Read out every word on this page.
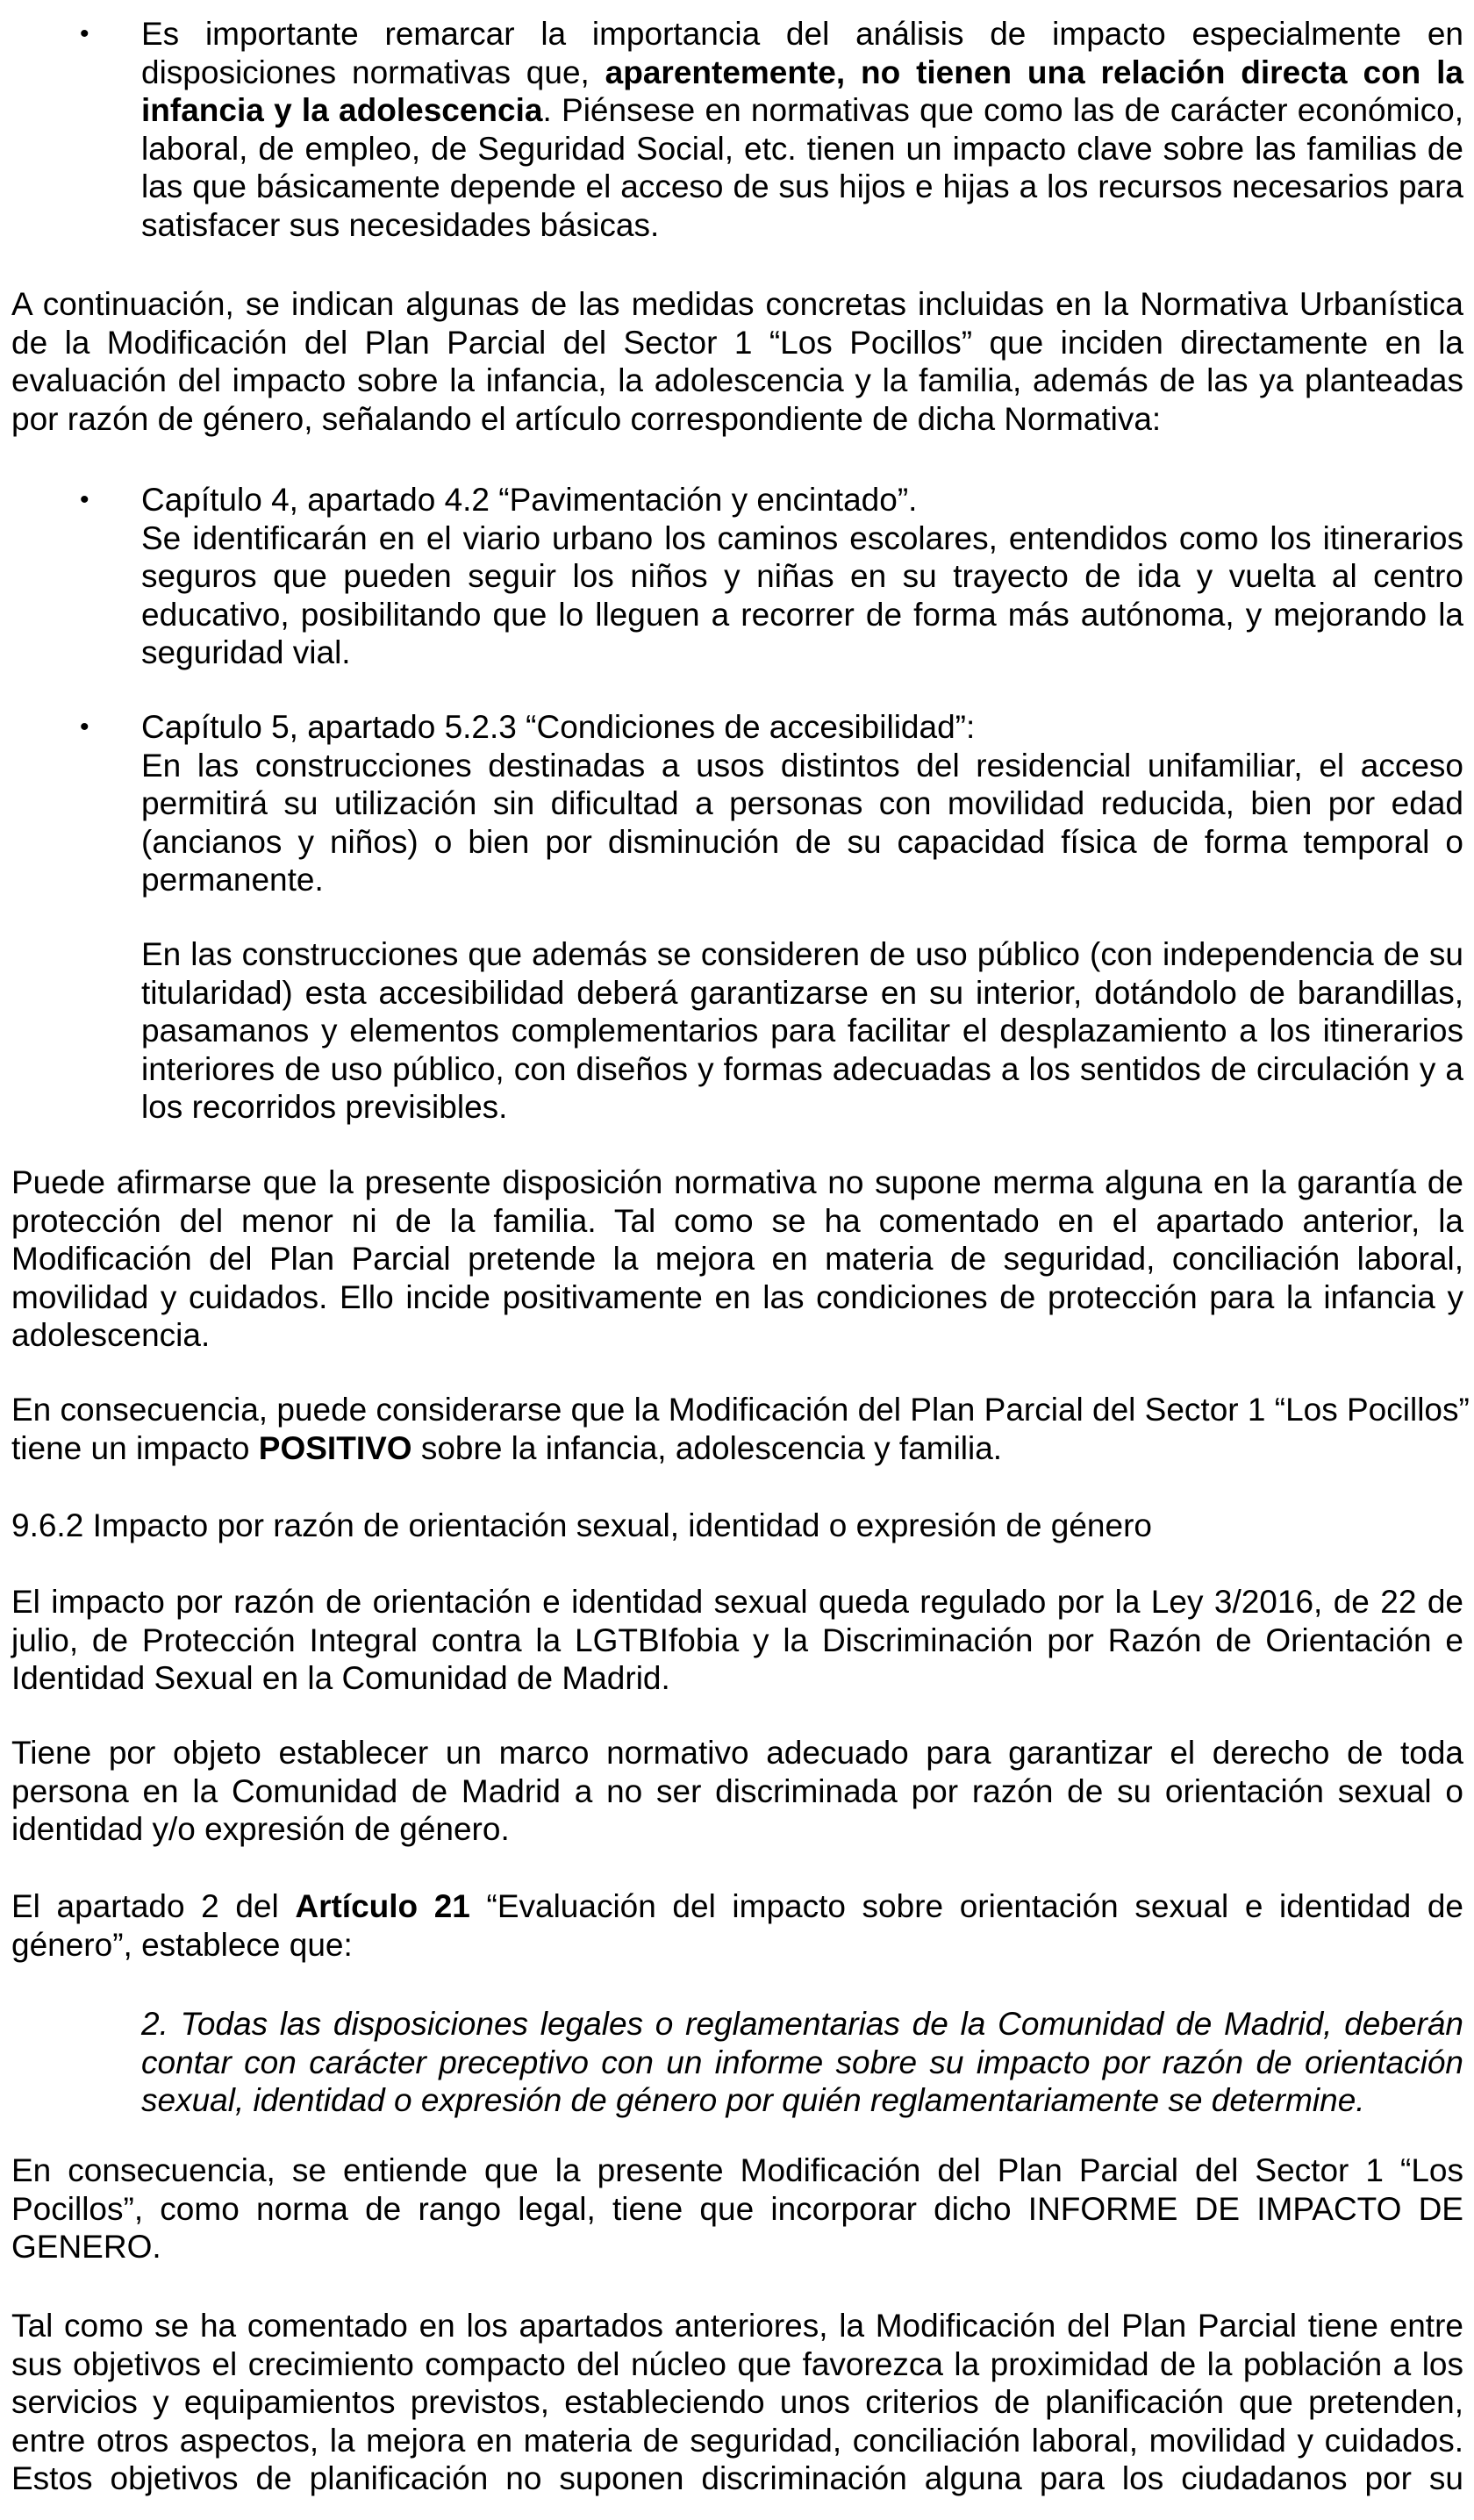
• Es importante remarcar la importancia del análisis de impacto especialmente en
disposiciones normativas que, aparentemente, no tienen una relación directa con la
infancia y la adolescencia. Piénsese en normativas que como las de carácter económico,
laboral, de empleo, de Seguridad Social, etc. tienen un impacto clave sobre las familias de
las que básicamente depende el acceso de sus hijos e hijas a los recursos necesarios para
satisfacer sus necesidades básicas.
A continuación, se indican algunas de las medidas concretas incluidas en la Normativa Urbanística
de la Modificación del Plan Parcial del Sector 1 “Los Pocillos” que inciden directamente en la
evaluación del impacto sobre la infancia, la adolescencia y la familia, además de las ya planteadas
por razón de género, señalando el artículo correspondiente de dicha Normativa:
• Capítulo 4, apartado 4.2 “Pavimentación y encintado”.
Se identificarán en el viario urbano los caminos escolares, entendidos como los itinerarios
seguros que pueden seguir los niños y niñas en su trayecto de ida y vuelta al centro
educativo, posibilitando que lo lleguen a recorrer de forma más autónoma, y mejorando la
seguridad vial.
• Capítulo 5, apartado 5.2.3 “Condiciones de accesibilidad”:
En las construcciones destinadas a usos distintos del residencial unifamiliar, el acceso
permitirá su utilización sin dificultad a personas con movilidad reducida, bien por edad
(ancianos y niños) o bien por disminución de su capacidad física de forma temporal o
permanente.
En las construcciones que además se consideren de uso público (con independencia de su
titularidad) esta accesibilidad deberá garantizarse en su interior, dotándolo de barandillas,
pasamanos y elementos complementarios para facilitar el desplazamiento a los itinerarios
interiores de uso público, con diseños y formas adecuadas a los sentidos de circulación y a
los recorridos previsibles.
Puede afirmarse que la presente disposición normativa no supone merma alguna en la garantía de
protección del menor ni de la familia. Tal como se ha comentado en el apartado anterior, la
Modificación del Plan Parcial pretende la mejora en materia de seguridad, conciliación laboral,
movilidad y cuidados. Ello incide positivamente en las condiciones de protección para la infancia y
adolescencia.
En consecuencia, puede considerarse que la Modificación del Plan Parcial del Sector 1 “Los Pocillos”
tiene un impacto POSITIVO sobre la infancia, adolescencia y familia.
9.6.2 Impacto por razón de orientación sexual, identidad o expresión de género
El impacto por razón de orientación e identidad sexual queda regulado por la Ley 3/2016, de 22 de
julio, de Protección Integral contra la LGTBIfobia y la Discriminación por Razón de Orientación e
Identidad Sexual en la Comunidad de Madrid.
Tiene por objeto establecer un marco normativo adecuado para garantizar el derecho de toda
persona en la Comunidad de Madrid a no ser discriminada por razón de su orientación sexual o
identidad y/o expresión de género.
El apartado 2 del Artículo 21 “Evaluación del impacto sobre orientación sexual e identidad de
género”, establece que:
2. Todas las disposiciones legales o reglamentarias de la Comunidad de Madrid, deberán
contar con carácter preceptivo con un informe sobre su impacto por razón de orientación
sexual, identidad o expresión de género por quién reglamentariamente se determine.
En consecuencia, se entiende que la presente Modificación del Plan Parcial del Sector 1 “Los
Pocillos”, como norma de rango legal, tiene que incorporar dicho INFORME DE IMPACTO DE
GENERO.
Tal como se ha comentado en los apartados anteriores, la Modificación del Plan Parcial tiene entre
sus objetivos el crecimiento compacto del núcleo que favorezca la proximidad de la población a los
servicios y equipamientos previstos, estableciendo unos criterios de planificación que pretenden,
entre otros aspectos, la mejora en materia de seguridad, conciliación laboral, movilidad y cuidados.
Estos objetivos de planificación no suponen discriminación alguna para los ciudadanos por su
